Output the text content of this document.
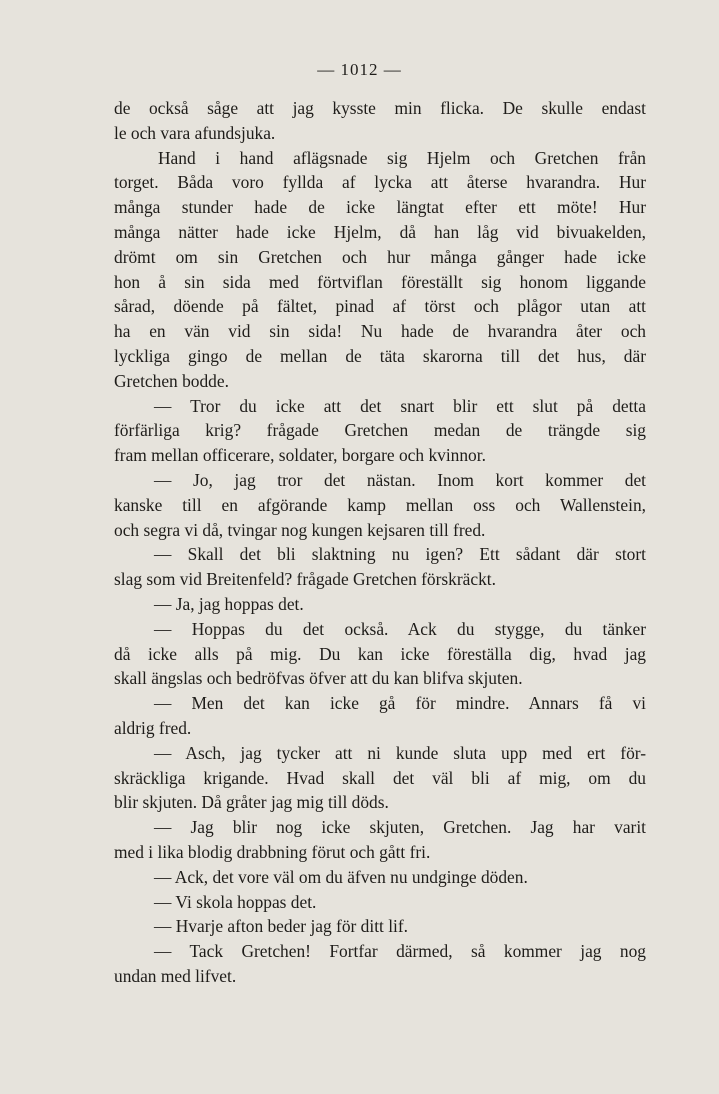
— 1012 —
de också såge att jag kysste min flicka. De skulle endast
le och vara afundsjuka.
Hand i hand aflägsnade sig Hjelm och Gretchen från
torget. Båda voro fyllda af lycka att återse hvarandra. Hur
många stunder hade de icke längtat efter ett möte! Hur
många nätter hade icke Hjelm, då han låg vid bivuakelden,
drömt om sin Gretchen och hur många gånger hade icke
hon å sin sida med förtviflan föreställt sig honom liggande
sårad, döende på fältet, pinad af törst och plågor utan att
ha en vän vid sin sida! Nu hade de hvarandra åter och
lyckliga gingo de mellan de täta skarorna till det hus, där
Gretchen bodde.
— Tror du icke att det snart blir ett slut på detta
förfärliga krig? frågade Gretchen medan de trängde sig
fram mellan officerare, soldater, borgare och kvinnor.
— Jo, jag tror det nästan. Inom kort kommer det
kanske till en afgörande kamp mellan oss och Wallenstein,
och segra vi då, tvingar nog kungen kejsaren till fred.
— Skall det bli slaktning nu igen? Ett sådant där stort
slag som vid Breitenfeld? frågade Gretchen förskräckt.
— Ja, jag hoppas det.
— Hoppas du det också. Ack du stygge, du tänker
då icke alls på mig. Du kan icke föreställa dig, hvad jag
skall ängslas och bedröfvas öfver att du kan blifva skjuten.
— Men det kan icke gå för mindre. Annars få vi
aldrig fred.
— Asch, jag tycker att ni kunde sluta upp med ert för-
skräckliga krigande. Hvad skall det väl bli af mig, om du
blir skjuten. Då gråter jag mig till döds.
— Jag blir nog icke skjuten, Gretchen. Jag har varit
med i lika blodig drabbning förut och gått fri.
— Ack, det vore väl om du äfven nu undginge döden.
— Vi skola hoppas det.
— Hvarje afton beder jag för ditt lif.
— Tack Gretchen! Fortfar därmed, så kommer jag nog
undan med lifvet.
